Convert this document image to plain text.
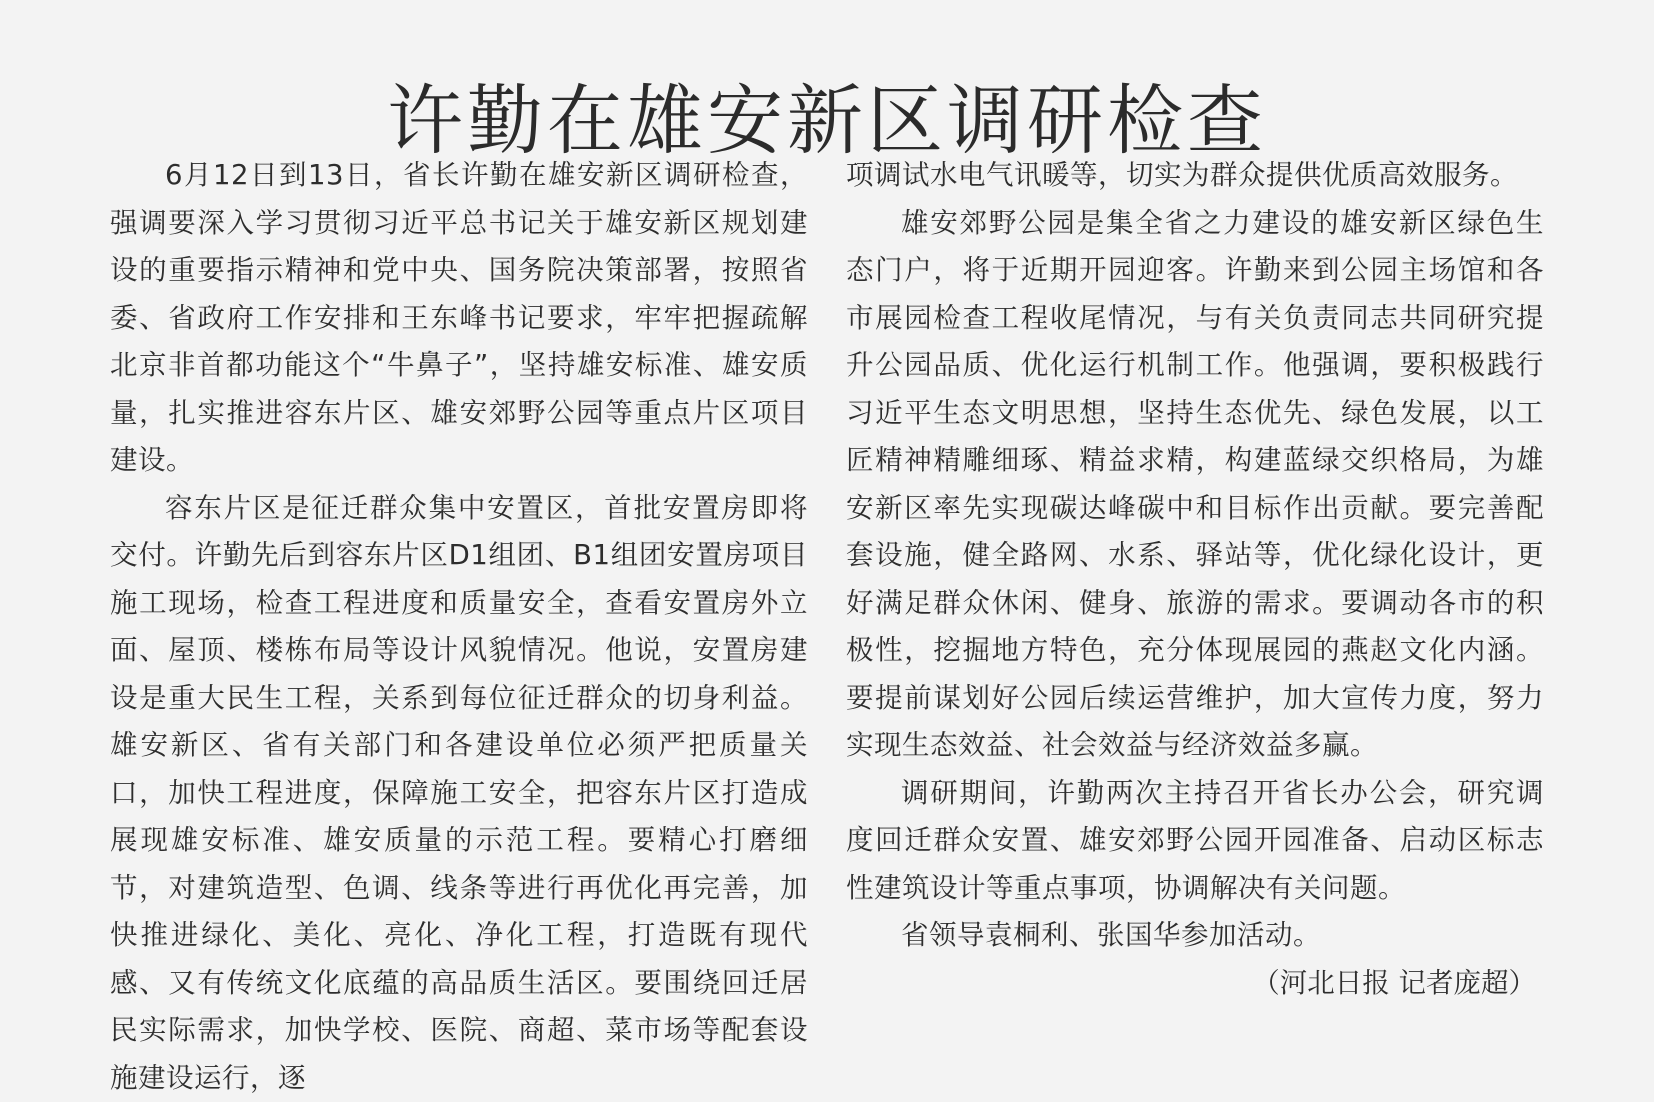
许勤在雄安新区调研检查

6月12日到13日，省长许勤在雄安新区调研检查，强调要深入学习贯彻习近平总书记关于雄安新区规划建设的重要指示精神和党中央、国务院决策部署，按照省委、省政府工作安排和王东峰书记要求，牢牢把握疏解北京非首都功能这个“牛鼻子”，坚持雄安标准、雄安质量，扎实推进容东片区、雄安郊野公园等重点片区项目建设。

容东片区是征迁群众集中安置区，首批安置房即将交付。许勤先后到容东片区D1组团、B1组团安置房项目施工现场，检查工程进度和质量安全，查看安置房外立面、屋顶、楼栋布局等设计风貌情况。他说，安置房建设是重大民生工程，关系到每位征迁群众的切身利益。雄安新区、省有关部门和各建设单位必须严把质量关口，加快工程进度，保障施工安全，把容东片区打造成展现雄安标准、雄安质量的示范工程。要精心打磨细节，对建筑造型、色调、线条等进行再优化再完善，加快推进绿化、美化、亮化、净化工程，打造既有现代感、又有传统文化底蕴的高品质生活区。要围绕回迁居民实际需求，加快学校、医院、商超、菜市场等配套设施建设运行，逐

项调试水电气讯暖等，切实为群众提供优质高效服务。

雄安郊野公园是集全省之力建设的雄安新区绿色生态门户，将于近期开园迎客。许勤来到公园主场馆和各市展园检查工程收尾情况，与有关负责同志共同研究提升公园品质、优化运行机制工作。他强调，要积极践行习近平生态文明思想，坚持生态优先、绿色发展，以工匠精神精雕细琢、精益求精，构建蓝绿交织格局，为雄安新区率先实现碳达峰碳中和目标作出贡献。要完善配套设施，健全路网、水系、驿站等，优化绿化设计，更好满足群众休闲、健身、旅游的需求。要调动各市的积极性，挖掘地方特色，充分体现展园的燕赵文化内涵。要提前谋划好公园后续运营维护，加大宣传力度，努力实现生态效益、社会效益与经济效益多赢。

调研期间，许勤两次主持召开省长办公会，研究调度回迁群众安置、雄安郊野公园开园准备、启动区标志性建筑设计等重点事项，协调解决有关问题。

省领导袁桐利、张国华参加活动。

（河北日报 记者庞超）
